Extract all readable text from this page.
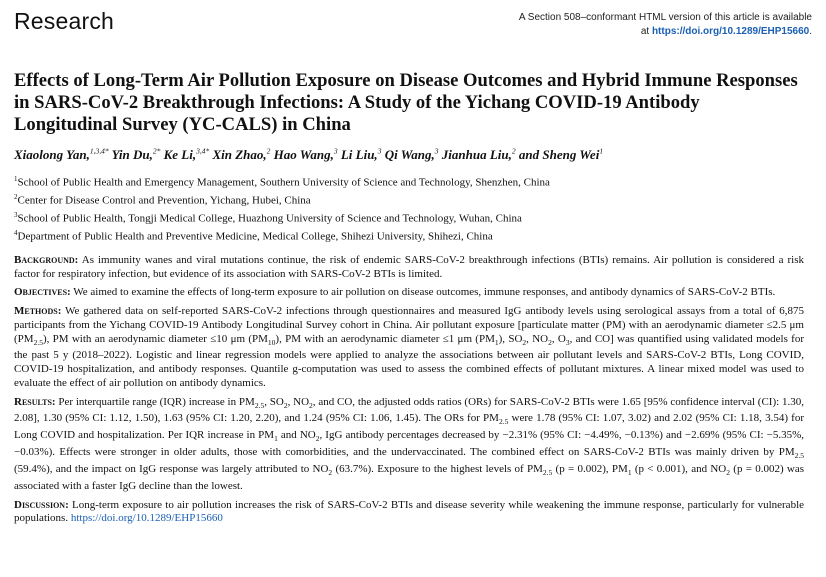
Research	A Section 508–conformant HTML version of this article is available at https://doi.org/10.1289/EHP15660.
Effects of Long-Term Air Pollution Exposure on Disease Outcomes and Hybrid Immune Responses in SARS-CoV-2 Breakthrough Infections: A Study of the Yichang COVID-19 Antibody Longitudinal Survey (YC-CALS) in China
Xiaolong Yan,$^{1,3,4*}$ Yin Du,$^{2*}$ Ke Li,$^{3,4*}$ Xin Zhao,$^2$ Hao Wang,$^3$ Li Liu,$^3$ Qi Wang,$^3$ Jianhua Liu,$^2$ and Sheng Wei$^1$
$^1$School of Public Health and Emergency Management, Southern University of Science and Technology, Shenzhen, China
$^2$Center for Disease Control and Prevention, Yichang, Hubei, China
$^3$School of Public Health, Tongji Medical College, Huazhong University of Science and Technology, Wuhan, China
$^4$Department of Public Health and Preventive Medicine, Medical College, Shihezi University, Shihezi, China

Background: As immunity wanes and viral mutations continue, the risk of endemic SARS-CoV-2 breakthrough infections (BTIs) remains. Air pollution is considered a risk factor for respiratory infection, but evidence of its association with SARS-CoV-2 BTIs is limited.

Objectives: We aimed to examine the effects of long-term exposure to air pollution on disease outcomes, immune responses, and antibody dynamics of SARS-CoV-2 BTIs.

Methods: We gathered data on self-reported SARS-CoV-2 infections through questionnaires and measured IgG antibody levels using serological assays from a total of 6,875 participants from the Yichang COVID-19 Antibody Longitudinal Survey cohort in China. Air pollutant exposure [particulate matter (PM) with an aerodynamic diameter ≤2.5 μm $(PM_{2.5})$, PM with an aerodynamic diameter ≤10 μm $(PM_{10})$, PM with an aerodynamic diameter ≤1 μm $(PM_1)$, $SO_2$, $NO_2$, $O_3$, and CO] was quantified using validated models for the past 5 y (2018–2022). Logistic and linear regression models were applied to analyze the associations between air pollutant levels and SARS-CoV-2 BTIs, Long COVID, COVID-19 hospitalization, and antibody responses. Quantile g-computation was used to assess the combined effects of pollutant mixtures. A linear mixed model was used to evaluate the effect of air pollution on antibody dynamics.

Results: Per interquartile range (IQR) increase in $PM_{2.5}$, $SO_2$, $NO_2$, and CO, the adjusted odds ratios (ORs) for SARS-CoV-2 BTIs were 1.65 [95% confidence interval (CI): 1.30, 2.08], 1.30 (95% CI: 1.12, 1.50), 1.63 (95% CI: 1.20, 2.20), and 1.24 (95% CI: 1.06, 1.45). The ORs for $PM_{2.5}$ were 1.78 (95% CI: 1.07, 3.02) and 2.02 (95% CI: 1.18, 3.54) for Long COVID and hospitalization. Per IQR increase in $PM_1$ and $NO_2$, IgG antibody percentages decreased by −2.31% (95% CI: −4.49%, −0.13%) and −2.69% (95% CI: −5.35%, −0.03%). Effects were stronger in older adults, those with comorbidities, and the undervaccinated. The combined effect on SARS-CoV-2 BTIs was mainly driven by $PM_{2.5}$ (59.4%), and the impact on IgG response was largely attributed to $NO_2$ (63.7%). Exposure to the highest levels of $PM_{2.5}$ (p = 0.002), $PM_1$ (p < 0.001), and $NO_2$ (p = 0.002) was associated with a faster IgG decline than the lowest.

Discussion: Long-term exposure to air pollution increases the risk of SARS-CoV-2 BTIs and disease severity while weakening the immune response, particularly for vulnerable populations. https://doi.org/10.1289/EHP15660
